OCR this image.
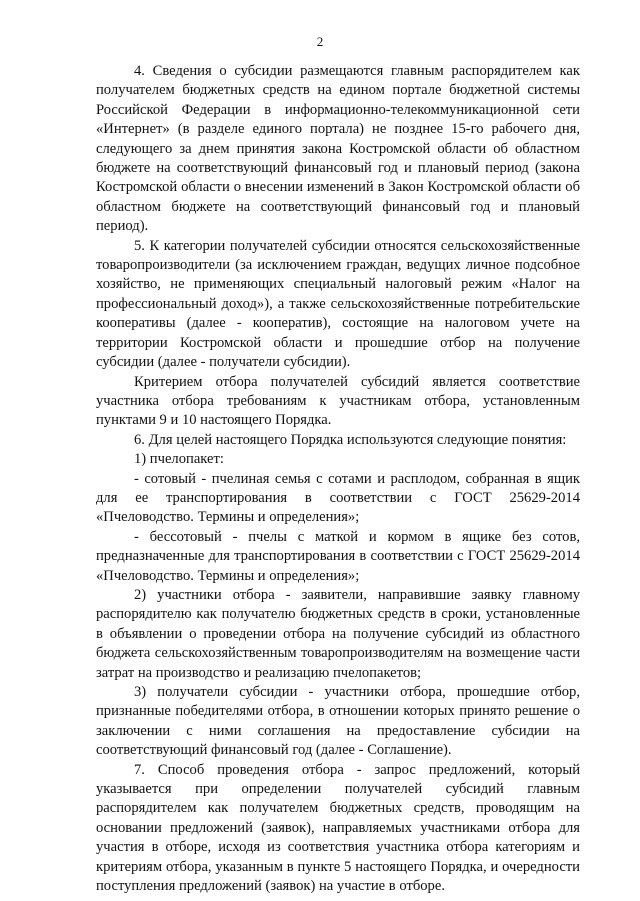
2

4. Сведения о субсидии размещаются главным распорядителем как получателем бюджетных средств на едином портале бюджетной системы Российской Федерации в информационно-телекоммуникационной сети «Интернет» (в разделе единого портала) не позднее 15-го рабочего дня, следующего за днем принятия закона Костромской области об областном бюджете на соответствующий финансовый год и плановый период (закона Костромской области о внесении изменений в Закон Костромской области об областном бюджете на соответствующий финансовый год и плановый период).

5. К категории получателей субсидии относятся сельскохозяйственные товаропроизводители (за исключением граждан, ведущих личное подсобное хозяйство, не применяющих специальный налоговый режим «Налог на профессиональный доход»), а также сельскохозяйственные потребительские кооперативы (далее - кооператив), состоящие на налоговом учете на территории Костромской области и прошедшие отбор на получение субсидии (далее - получатели субсидии).

Критерием отбора получателей субсидий является соответствие участника отбора требованиям к участникам отбора, установленным пунктами 9 и 10 настоящего Порядка.

6. Для целей настоящего Порядка используются следующие понятия:

1) пчелопакет:

- сотовый - пчелиная семья с сотами и расплодом, собранная в ящик для ее транспортирования в соответствии с ГОСТ 25629-2014 «Пчеловодство. Термины и определения»;

- бессотовый - пчелы с маткой и кормом в ящике без сотов, предназначенные для транспортирования в соответствии с ГОСТ 25629-2014 «Пчеловодство. Термины и определения»;

2) участники отбора - заявители, направившие заявку главному распорядителю как получателю бюджетных средств в сроки, установленные в объявлении о проведении отбора на получение субсидий из областного бюджета сельскохозяйственным товаропроизводителям на возмещение части затрат на производство и реализацию пчелопакетов;

3) получатели субсидии - участники отбора, прошедшие отбор, признанные победителями отбора, в отношении которых принято решение о заключении с ними соглашения на предоставление субсидии на соответствующий финансовый год (далее - Соглашение).

7. Способ проведения отбора - запрос предложений, который указывается при определении получателей субсидий главным распорядителем как получателем бюджетных средств, проводящим на основании предложений (заявок), направляемых участниками отбора для участия в отборе, исходя из соответствия участника отбора категориям и критериям отбора, указанным в пункте 5 настоящего Порядка, и очередности поступления предложений (заявок) на участие в отборе.
